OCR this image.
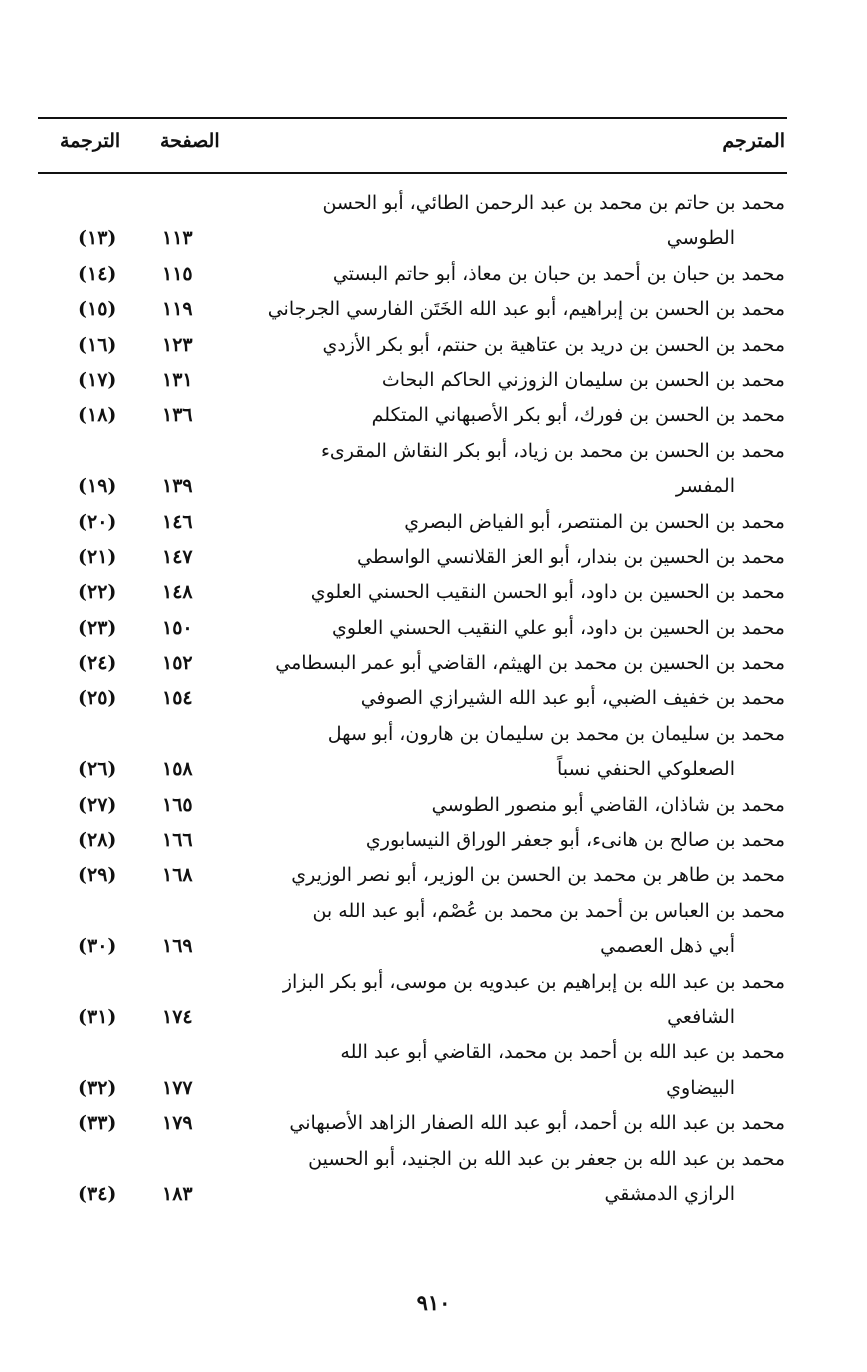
المترجم
الصفحة
الترجمة
محمد بن حاتم بن محمد بن عبد الرحمن الطائي، أبو الحسن
الطوسي
١١٣
(١٣)
محمد بن حبان بن أحمد بن حبان بن معاذ، أبو حاتم البستي
١١٥
(١٤)
محمد بن الحسن بن إبراهيم، أبو عبد الله الخَتَن الفارسي الجرجاني
١١٩
(١٥)
محمد بن الحسن بن دريد بن عتاهية بن حنتم، أبو بكر الأزدي
١٢٣
(١٦)
محمد بن الحسن بن سليمان الزوزني الحاكم البحاث
١٣١
(١٧)
محمد بن الحسن بن فورك، أبو بكر الأصبهاني المتكلم
١٣٦
(١٨)
محمد بن الحسن بن محمد بن زياد، أبو بكر النقاش المقرىء
المفسر
١٣٩
(١٩)
محمد بن الحسن بن المنتصر، أبو الفياض البصري
١٤٦
(٢٠)
محمد بن الحسين بن بندار، أبو العز القلانسي الواسطي
١٤٧
(٢١)
محمد بن الحسين بن داود، أبو الحسن النقيب الحسني العلوي
١٤٨
(٢٢)
محمد بن الحسين بن داود، أبو علي النقيب الحسني العلوي
١٥٠
(٢٣)
محمد بن الحسين بن محمد بن الهيثم، القاضي أبو عمر البسطامي
١٥٢
(٢٤)
محمد بن خفيف الضبي، أبو عبد الله الشيرازي الصوفي
١٥٤
(٢٥)
محمد بن سليمان بن محمد بن سليمان بن هارون، أبو سهل
الصعلوكي الحنفي نسباً
١٥٨
(٢٦)
محمد بن شاذان، القاضي أبو منصور الطوسي
١٦٥
(٢٧)
محمد بن صالح بن هانىء، أبو جعفر الوراق النيسابوري
١٦٦
(٢٨)
محمد بن طاهر بن محمد بن الحسن بن الوزير، أبو نصر الوزيري
١٦٨
(٢٩)
محمد بن العباس بن أحمد بن محمد بن عُصْم، أبو عبد الله بن
أبي ذهل العصمي
١٦٩
(٣٠)
محمد بن عبد الله بن إبراهيم بن عبدويه بن موسى، أبو بكر البزاز
الشافعي
١٧٤
(٣١)
محمد بن عبد الله بن أحمد بن محمد، القاضي أبو عبد الله
البيضاوي
١٧٧
(٣٢)
محمد بن عبد الله بن أحمد، أبو عبد الله الصفار الزاهد الأصبهاني
١٧٩
(٣٣)
محمد بن عبد الله بن جعفر بن عبد الله بن الجنيد، أبو الحسين
الرازي الدمشقي
١٨٣
(٣٤)
٩١٠
